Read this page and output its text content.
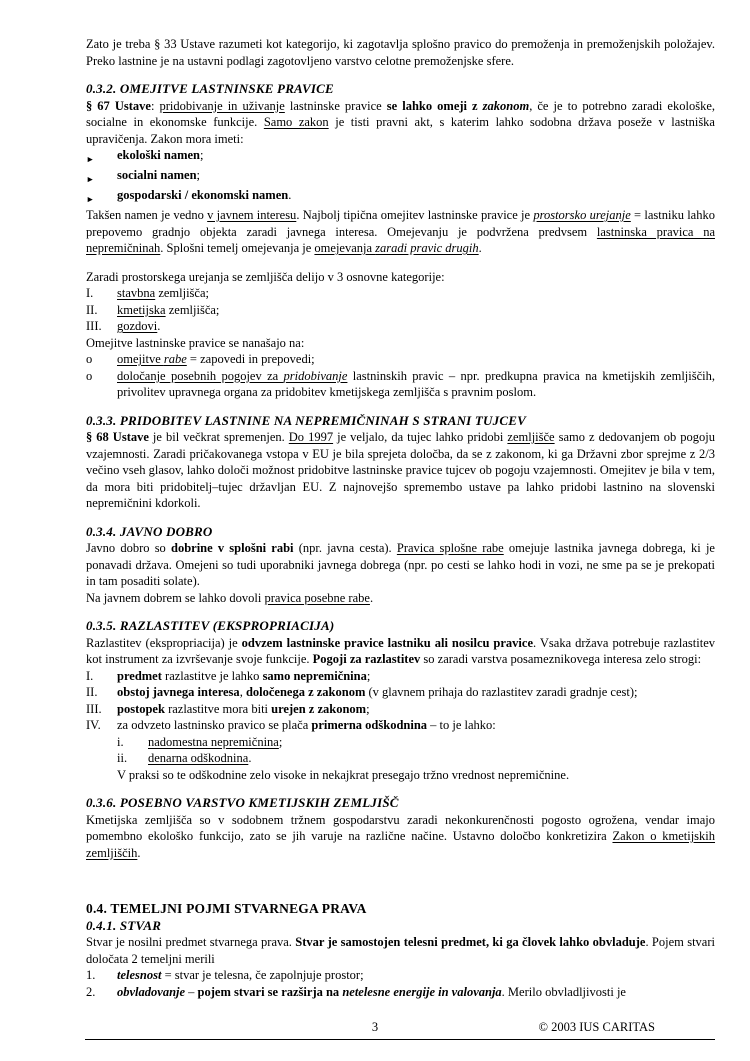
Zato je treba § 33 Ustave razumeti kot kategorijo, ki zagotavlja splošno pravico do premoženja in premoženjskih položajev. Preko lastnine je na ustavni podlagi zagotovljeno varstvo celotne premoženjske sfere.
0.3.2. OMEJITVE LASTNINSKE PRAVICE
§ 67 Ustave: pridobivanje in uživanje lastninske pravice se lahko omeji z zakonom, če je to potrebno zaradi ekološke, socialne in ekonomske funkcije. Samo zakon je tisti pravni akt, s katerim lahko sodobna država poseže v lastniška upravičenja. Zakon mora imeti:
►	ekološki namen;
►	socialni namen;
►	gospodarski / ekonomski namen.
Takšen namen je vedno v javnem interesu. Najbolj tipična omejitev lastninske pravice je prostorsko urejanje = lastniku lahko prepovemo gradnjo objekta zaradi javnega interesa. Omejevanju je podvržena predvsem lastninska pravica na nepremičninah. Splošni temelj omejevanja je omejevanja zaradi pravic drugih.
Zaradi prostorskega urejanja se zemljišča delijo v 3 osnovne kategorije:
I.	stavbna zemljišča;
II.	kmetijska zemljišča;
III.	gozdovi.
Omejitve lastninske pravice se nanašajo na:
o	omejitve rabe = zapovedi in prepovedi;
o	določanje posebnih pogojev za pridobivanje lastninskih pravic – npr. predkupna pravica na kmetijskih zemljiščih, privolitev upravnega organa za pridobitev kmetijskega zemljišča s pravnim poslom.
0.3.3. PRIDOBITEV LASTNINE NA NEPREMIČNINAH S STRANI TUJCEV
§ 68 Ustave je bil večkrat spremenjen. Do 1997 je veljalo, da tujec lahko pridobi zemljišče samo z dedovanjem ob pogoju vzajemnosti. Zaradi pričakovanega vstopa v EU je bila sprejeta določba, da se z zakonom, ki ga Državni zbor sprejme z 2/3 večino vseh glasov, lahko določi možnost pridobitve lastninske pravice tujcev ob pogoju vzajemnosti. Omejitev je bila v tem, da mora biti pridobitelj–tujec državljan EU. Z najnovejšo spremembo ustave pa lahko pridobi lastnino na slovenski nepremičnini kdorkoli.
0.3.4. JAVNO DOBRO
Javno dobro so dobrine v splošni rabi (npr. javna cesta). Pravica splošne rabe omejuje lastnika javnega dobrega, ki je ponavadi država. Omejeni so tudi uporabniki javnega dobrega (npr. po cesti se lahko hodi in vozi, ne sme pa se je prekopati in tam posaditi solate).
Na javnem dobrem se lahko dovoli pravica posebne rabe.
0.3.5. RAZLASTITEV (EKSPROPRIACIJA)
Razlastitev (ekspropriacija) je odvzem lastninske pravice lastniku ali nosilcu pravice. Vsaka država potrebuje razlastitev kot instrument za izvrševanje svoje funkcije. Pogoji za razlastitev so zaradi varstva posameznikovega interesa zelo strogi:
I.	predmet razlastitve je lahko samo nepremičnina;
II.	obstoj javnega interesa, določenega z zakonom (v glavnem prihaja do razlastitev zaradi gradnje cest);
III.	postopek razlastitve mora biti urejen z zakonom;
IV.	za odvzeto lastninsko pravico se plača primerna odškodnina – to je lahko:
i.	nadomestna nepremičnina;
ii.	denarna odškodnina.
V praksi so te odškodnine zelo visoke in nekajkrat presegajo tržno vrednost nepremičnine.
0.3.6. POSEBNO VARSTVO KMETIJSKIH ZEMLJIŠČ
Kmetijska zemljišča so v sodobnem tržnem gospodarstvu zaradi nekonkurenčnosti pogosto ogrožena, vendar imajo pomembno ekološko funkcijo, zato se jih varuje na različne načine. Ustavno določbo konkretizira Zakon o kmetijskih zemljiščih.
0.4. TEMELJNI POJMI STVARNEGA PRAVA
0.4.1. STVAR
Stvar je nosilni predmet stvarnega prava. Stvar je samostojen telesni predmet, ki ga človek lahko obvladuje. Pojem stvari določata 2 temeljni merili
1.	telesnost = stvar je telesna, če zapolnjuje prostor;
2.	obvladovanje – pojem stvari se razširja na netelesne energije in valovanja. Merilo obvladljivosti je
3	© 2003 IUS CARITAS
